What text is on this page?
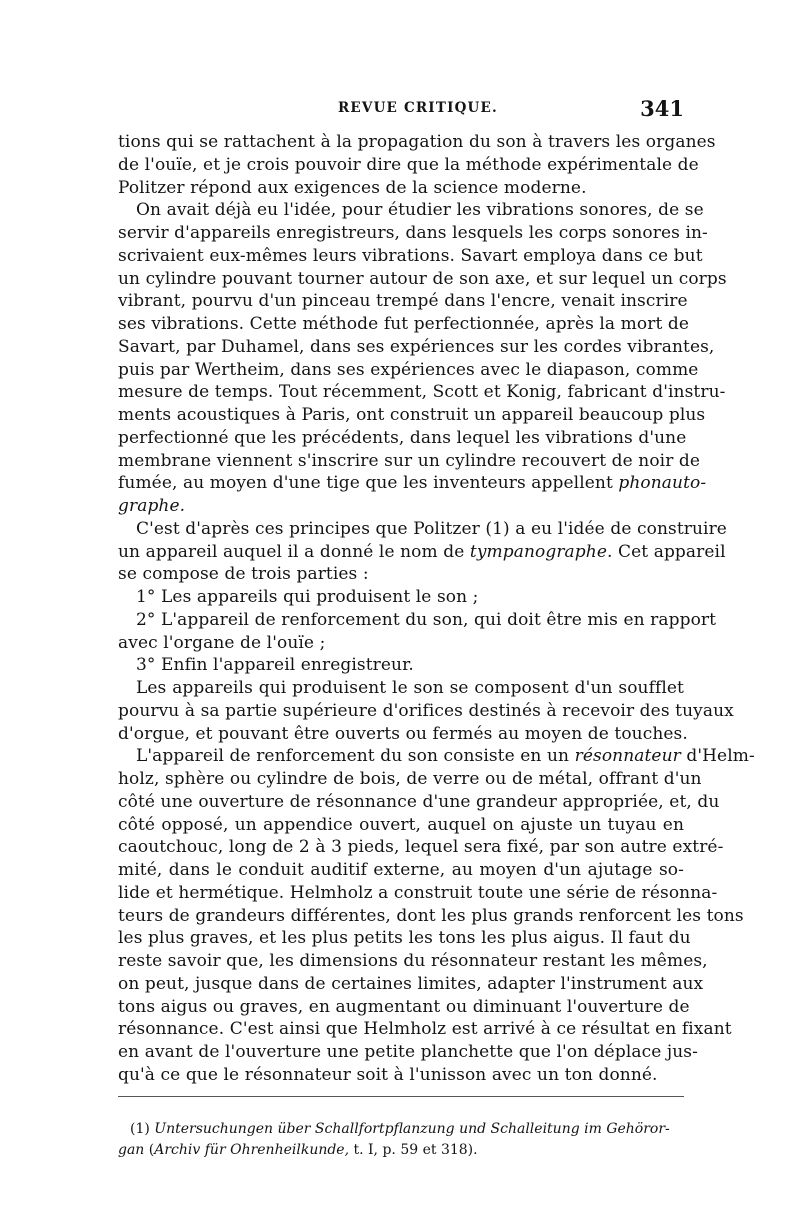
REVUE CRITIQUE.	341
tions qui se rattachent à la propagation du son à travers les organes
de l'ouïe, et je crois pouvoir dire que la méthode expérimentale de
Politzer répond aux exigences de la science moderne.
On avait déjà eu l'idée, pour étudier les vibrations sonores, de se
servir d'appareils enregistreurs, dans lesquels les corps sonores in-
scrivaient eux-mêmes leurs vibrations. Savart employa dans ce but
un cylindre pouvant tourner autour de son axe, et sur lequel un corps
vibrant, pourvu d'un pinceau trempé dans l'encre, venait inscrire
ses vibrations. Cette méthode fut perfectionnée, après la mort de
Savart, par Duhamel, dans ses expériences sur les cordes vibrantes,
puis par Wertheim, dans ses expériences avec le diapason, comme
mesure de temps. Tout récemment, Scott et Konig, fabricant d'instru-
ments acoustiques à Paris, ont construit un appareil beaucoup plus
perfectionné que les précédents, dans lequel les vibrations d'une
membrane viennent s'inscrire sur un cylindre recouvert de noir de
fumée, au moyen d'une tige que les inventeurs appellent phonauto-
graphe.
C'est d'après ces principes que Politzer (1) a eu l'idée de construire
un appareil auquel il a donné le nom de tympanographe. Cet appareil
se compose de trois parties :
1° Les appareils qui produisent le son ;
2° L'appareil de renforcement du son, qui doit être mis en rapport
avec l'organe de l'ouïe ;
3° Enfin l'appareil enregistreur.
Les appareils qui produisent le son se composent d'un soufflet
pourvu à sa partie supérieure d'orifices destinés à recevoir des tuyaux
d'orgue, et pouvant être ouverts ou fermés au moyen de touches.
L'appareil de renforcement du son consiste en un résonnateur d'Helm-
holz, sphère ou cylindre de bois, de verre ou de métal, offrant d'un
côté une ouverture de résonnance d'une grandeur appropriée, et, du
côté opposé, un appendice ouvert, auquel on ajuste un tuyau en
caoutchouc, long de 2 à 3 pieds, lequel sera fixé, par son autre extré-
mité, dans le conduit auditif externe, au moyen d'un ajutage so-
lide et hermétique. Helmholz a construit toute une série de résonna-
teurs de grandeurs différentes, dont les plus grands renforcent les tons
les plus graves, et les plus petits les tons les plus aigus. Il faut du
reste savoir que, les dimensions du résonnateur restant les mêmes,
on peut, jusque dans de certaines limites, adapter l'instrument aux
tons aigus ou graves, en augmentant ou diminuant l'ouverture de
résonnance. C'est ainsi que Helmholz est arrivé à ce résultat en fixant
en avant de l'ouverture une petite planchette que l'on déplace jus-
qu'à ce que le résonnateur soit à l'unisson avec un ton donné.
(1) Untersuchungen über Schallfortpflanzung und Schalleitung im Gehöror-
gan (Archiv für Ohrenheilkunde, t. I, p. 59 et 318).
